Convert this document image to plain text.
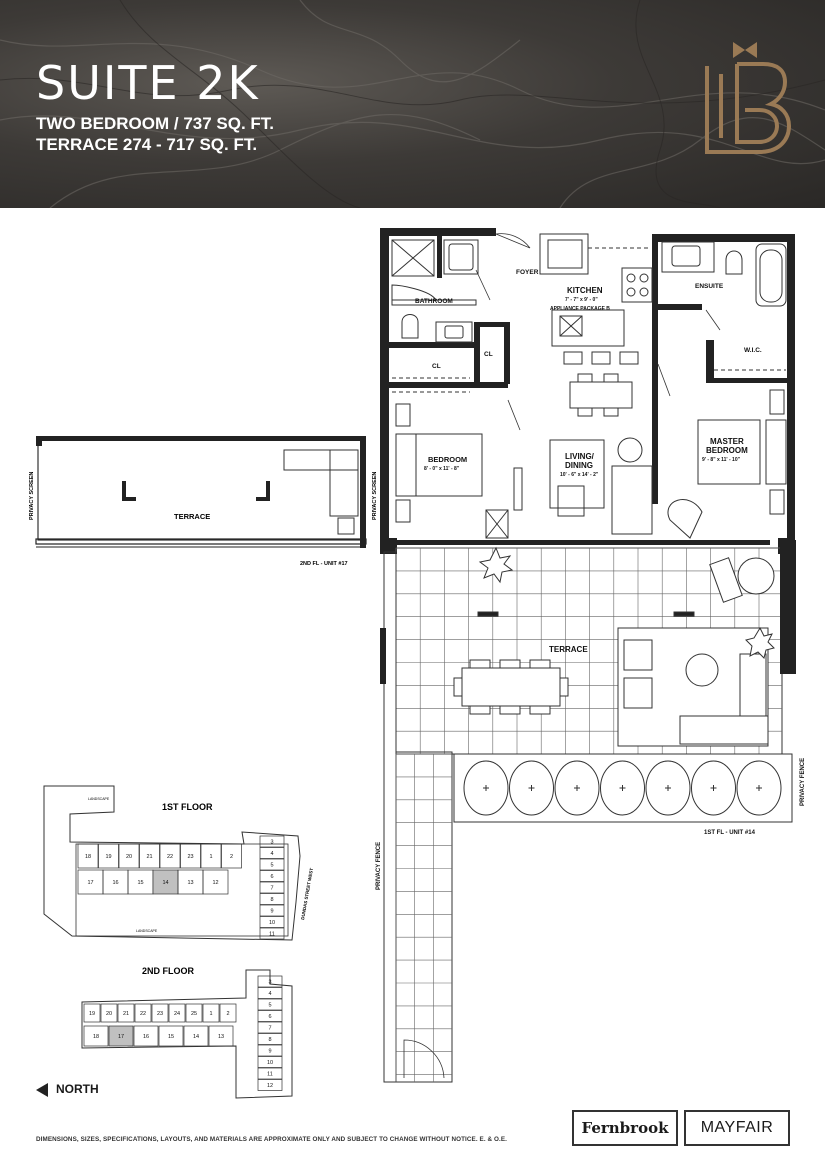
SUITE 2K
TWO BEDROOM / 737 SQ. FT.
TERRACE 274 - 717 SQ. FT.
TERRACE
PRIVACY SCREEN	PRIVACY SCREEN
2ND FL - UNIT #17
FOYER
KITCHEN
7' - 7" x 9' - 0"
APPLIANCE PACKAGE B
BATHROOM
ENSUITE
CL
CL
W.I.C.
BEDROOM
8' - 0" x 11' - 8"
LIVING/
DINING
10' - 6" x 14' - 2"
MASTER
BEDROOM
9' - 8" x 11' - 10"
TERRACE
PRIVACY FENCE
PRIVACY FENCE
1ST FL - UNIT #14
18	19	20	21	22	23	1	2
17	16	15	14	13	12
3
4
5
6
7
8
9
10
11
1ST FLOOR
LANDSCAPE
LANDSCAPE
DUNDAS STREET WEST
19 20 21 22 23 24 25 1	2
18	17	16	15	14	13
3
4
5
6
7
8
9
10
11
12
2ND FLOOR
NORTH
DIMENSIONS, SIZES, SPECIFICATIONS, LAYOUTS, AND MATERIALS ARE APPROXIMATE ONLY AND SUBJECT TO CHANGE WITHOUT NOTICE. E. & O.E.
Fernbrook	MAYFAIR
